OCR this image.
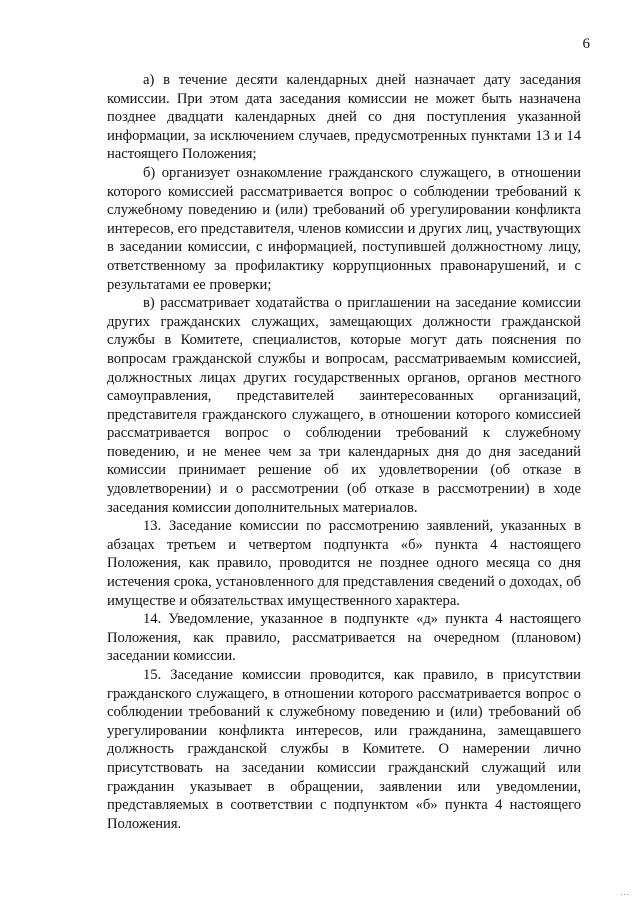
6

а) в течение десяти календарных дней назначает дату заседания комиссии. При этом дата заседания комиссии не может быть назначена позднее двадцати календарных дней со дня поступления указанной информации, за исключением случаев, предусмотренных пунктами 13 и 14 настоящего Положения;

б) организует ознакомление гражданского служащего, в отношении которого комиссией рассматривается вопрос о соблюдении требований к служебному поведению и (или) требований об урегулировании конфликта интересов, его представителя, членов комиссии и других лиц, участвующих в заседании комиссии, с информацией, поступившей должностному лицу, ответственному за профилактику коррупционных правонарушений, и с результатами ее проверки;

в) рассматривает ходатайства о приглашении на заседание комиссии других гражданских служащих, замещающих должности гражданской службы в Комитете, специалистов, которые могут дать пояснения по вопросам гражданской службы и вопросам, рассматриваемым комиссией, должностных лицах других государственных органов, органов местного самоуправления, представителей заинтересованных организаций, представителя гражданского служащего, в отношении которого комиссией рассматривается вопрос о соблюдении требований к служебному поведению, и не менее чем за три календарных дня до дня заседаний комиссии принимает решение об их удовлетворении (об отказе в удовлетворении) и о рассмотрении (об отказе в рассмотрении) в ходе заседания комиссии дополнительных материалов.

13. Заседание комиссии по рассмотрению заявлений, указанных в абзацах третьем и четвертом подпункта «б» пункта 4 настоящего Положения, как правило, проводится не позднее одного месяца со дня истечения срока, установленного для представления сведений о доходах, об имуществе и обязательствах имущественного характера.

14. Уведомление, указанное в подпункте «д» пункта 4 настоящего Положения, как правило, рассматривается на очередном (плановом) заседании комиссии.

15. Заседание комиссии проводится, как правило, в присутствии гражданского служащего, в отношении которого рассматривается вопрос о соблюдении требований к служебному поведению и (или) требований об урегулировании конфликта интересов, или гражданина, замещавшего должность гражданской службы в Комитете. О намерении лично присутствовать на заседании комиссии гражданский служащий или гражданин указывает в обращении, заявлении или уведомлении, представляемых в соответствии с подпунктом «б» пункта 4 настоящего Положения.

...
